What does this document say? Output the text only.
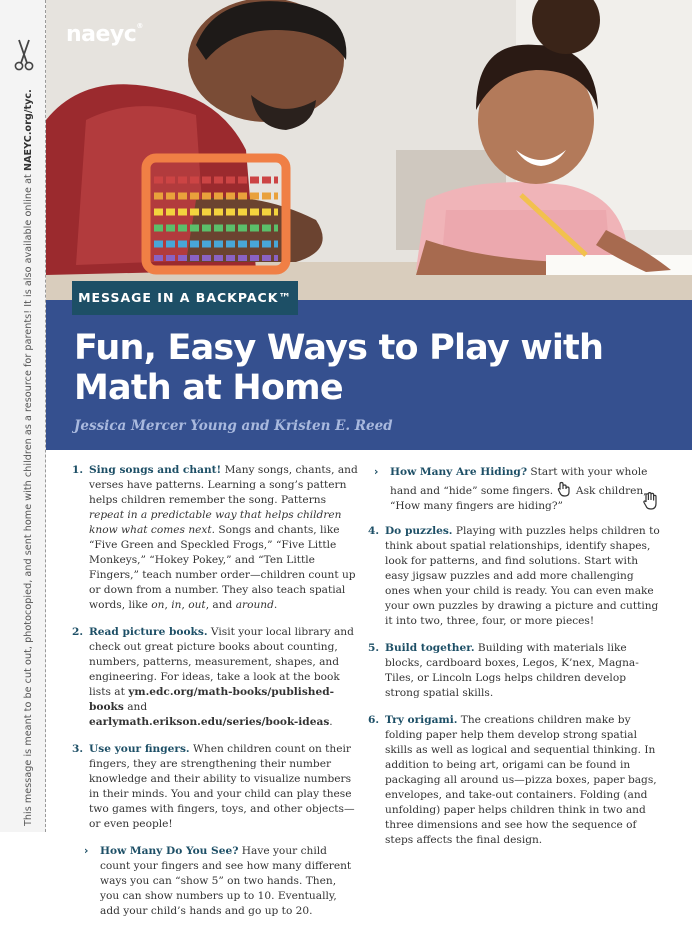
This message is meant to be cut out, photocopied, and sent home with children as a resource for parents! It is also available online at NAEYC.org/tyc.
naeyc®
MESSAGE IN A BACKPACK™
Fun, Easy Ways to Play with Math at Home
Jessica Mercer Young and Kristen E. Reed

1. Sing songs and chant! Many songs, chants, and verses have patterns. Learning a song’s pattern helps children remember the song. Patterns repeat in a predictable way that helps children know what comes next. Songs and chants, like “Five Green and Speckled Frogs,” “Five Little Monkeys,” “Hokey Pokey,” and “Ten Little Fingers,” teach number order—children count up or down from a number. They also teach spatial words, like on, in, out, and around.

2. Read picture books. Visit your local library and check out great picture books about counting, numbers, patterns, measurement, shapes, and engineering. For ideas, take a look at the book lists at ym.edc.org/math-books/published-books and earlymath.erikson.edu/series/book-ideas.

3. Use your fingers. When children count on their fingers, they are strengthening their number knowledge and their ability to visualize numbers in their minds. You and your child can play these two games with fingers, toys, and other objects—or even people!

› How Many Do You See? Have your child count your fingers and see how many different ways you can “show 5” on two hands. Then, you can show numbers up to 10. Eventually, add your child’s hands and go up to 20.

› How Many Are Hiding? Start with your whole hand and “hide” some fingers.  Ask children, “How many fingers are hiding?”

4. Do puzzles. Playing with puzzles helps children to think about spatial relationships, identify shapes, look for patterns, and find solutions. Start with easy jigsaw puzzles and add more challenging ones when your child is ready. You can even make your own puzzles by drawing a picture and cutting it into two, three, four, or more pieces!

5. Build together. Building with materials like blocks, cardboard boxes, Legos, K’nex, Magna-Tiles, or Lincoln Logs helps children develop strong spatial skills.

6. Try origami. The creations children make by folding paper help them develop strong spatial skills as well as logical and sequential thinking. In addition to being art, origami can be found in packaging all around us—pizza boxes, paper bags, envelopes, and take-out containers. Folding (and unfolding) paper helps children think in two and three dimensions and see how the sequence of steps affects the final design.
